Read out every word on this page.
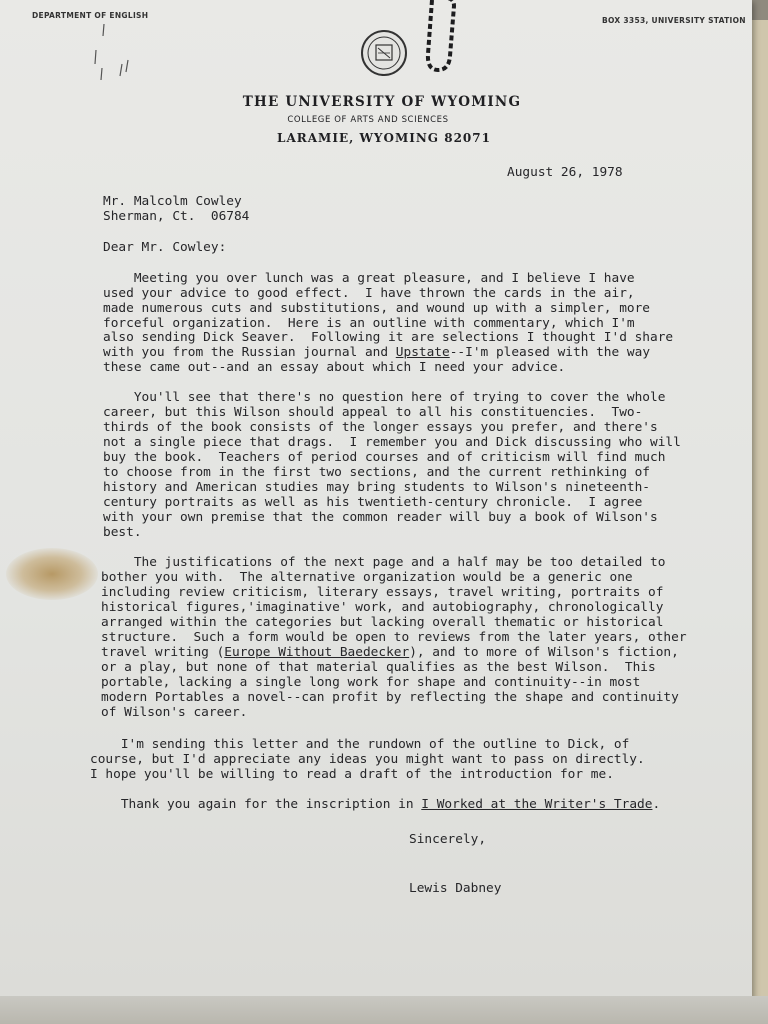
DEPARTMENT OF ENGLISH
BOX 3353, UNIVERSITY STATION
THE UNIVERSITY OF WYOMING
COLLEGE OF ARTS AND SCIENCES
LARAMIE, WYOMING 82071
August 26, 1978
Mr. Malcolm Cowley
Sherman, Ct.  06784
Dear Mr. Cowley:
Meeting you over lunch was a great pleasure, and I believe I have
used your advice to good effect.  I have thrown the cards in the air,
made numerous cuts and substitutions, and wound up with a simpler, more
forceful organization.  Here is an outline with commentary, which I'm
also sending Dick Seaver.  Following it are selections I thought I'd share
with you from the Russian journal and Upstate--I'm pleased with the way
these came out--and an essay about which I need your advice.
You'll see that there's no question here of trying to cover the whole
career, but this Wilson should appeal to all his constituencies.  Two-
thirds of the book consists of the longer essays you prefer, and there's
not a single piece that drags.  I remember you and Dick discussing who will
buy the book.  Teachers of period courses and of criticism will find much
to choose from in the first two sections, and the current rethinking of
history and American studies may bring students to Wilson's nineteenth-
century portraits as well as his twentieth-century chronicle.  I agree
with your own premise that the common reader will buy a book of Wilson's
best.
The justifications of the next page and a half may be too detailed to
bother you with.  The alternative organization would be a generic one
including review criticism, literary essays, travel writing, portraits of
historical figures,'imaginative' work, and autobiography, chronologically
arranged within the categories but lacking overall thematic or historical
structure.  Such a form would be open to reviews from the later years, other
travel writing (Europe Without Baedecker), and to more of Wilson's fiction,
or a play, but none of that material qualifies as the best Wilson.  This
portable, lacking a single long work for shape and continuity--in most
modern Portables a novel--can profit by reflecting the shape and continuity
of Wilson's career.
I'm sending this letter and the rundown of the outline to Dick, of
course, but I'd appreciate any ideas you might want to pass on directly.
I hope you'll be willing to read a draft of the introduction for me.
Thank you again for the inscription in I Worked at the Writer's Trade.
Sincerely,
Lewis Dabney
